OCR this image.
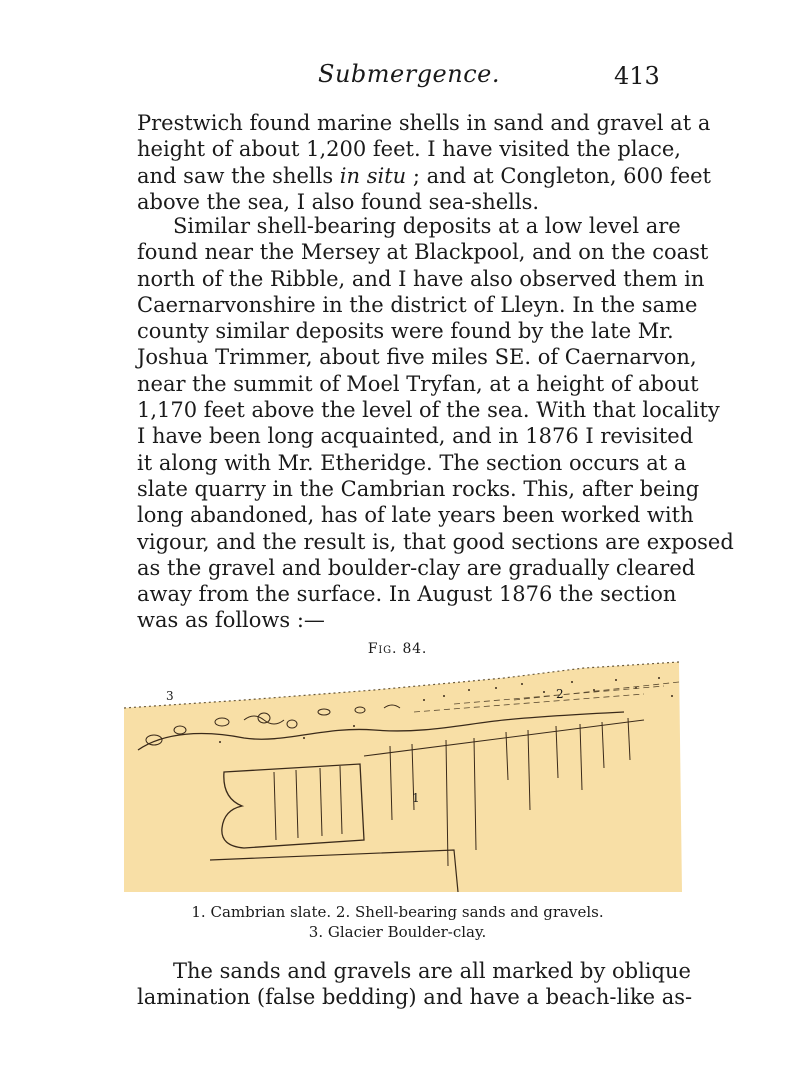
Submergence.	413
Prestwich found marine shells in sand and gravel at a
height of about 1,200 feet. I have visited the place,
and saw the shells in situ ; and at Congleton, 600 feet
above the sea, I also found sea-shells.
Similar shell-bearing deposits at a low level are
found near the Mersey at Blackpool, and on the coast
north of the Ribble, and I have also observed them in
Caernarvonshire in the district of Lleyn. In the same
county similar deposits were found by the late Mr.
Joshua Trimmer, about five miles SE. of Caernarvon,
near the summit of Moel Tryfan, at a height of about
1,170 feet above the level of the sea. With that locality
I have been long acquainted, and in 1876 I revisited
it along with Mr. Etheridge. The section occurs at a
slate quarry in the Cambrian rocks. This, after being
long abandoned, has of late years been worked with
vigour, and the result is, that good sections are exposed
as the gravel and boulder-clay are gradually cleared
away from the surface. In August 1876 the section
was as follows :—
Fig. 84.
3	2
1
1. Cambrian slate. 2. Shell-bearing sands and gravels.
3. Glacier Boulder-clay.
The sands and gravels are all marked by oblique
lamination (false bedding) and have a beach-like as-
